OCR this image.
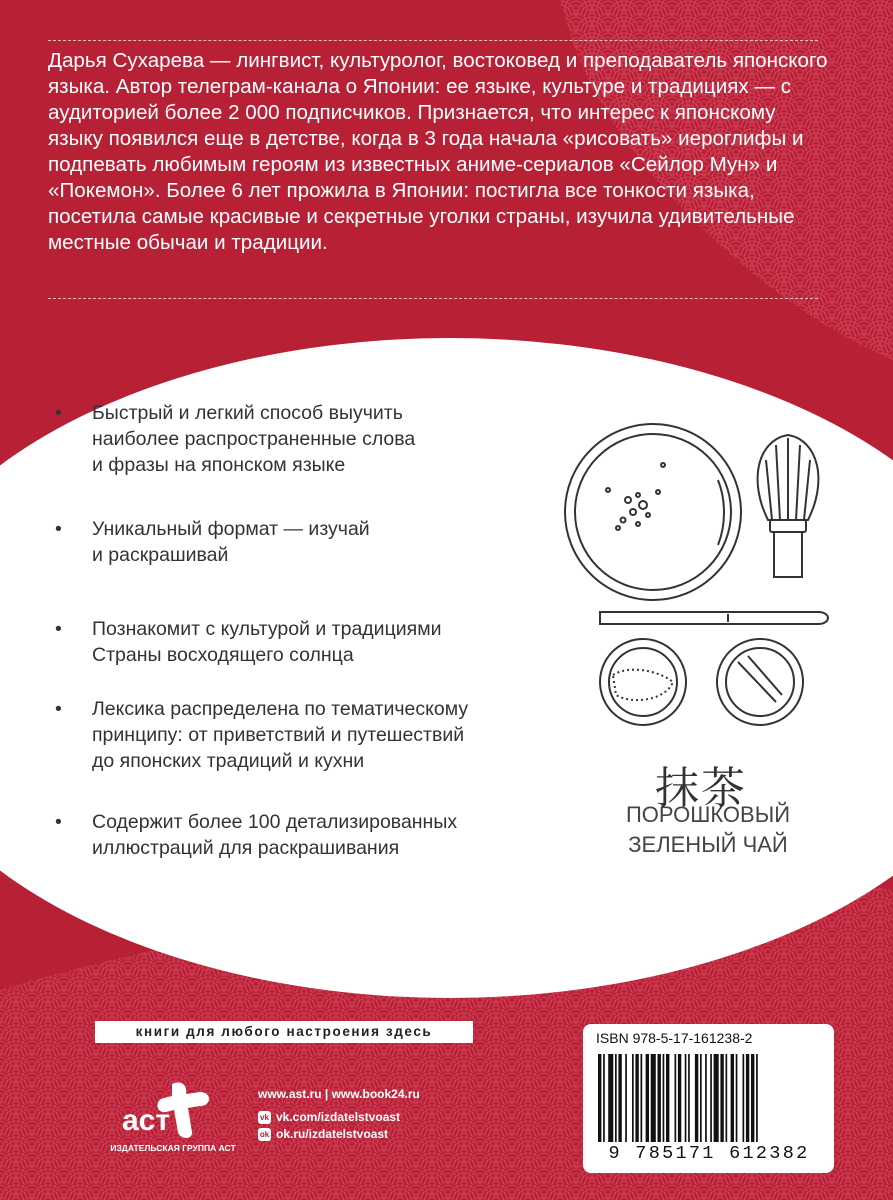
Дарья Сухарева — лингвист, культуролог, востоковед и преподаватель японского языка. Автор телеграм-канала о Японии: ее языке, культуре и традициях — с аудиторией более 2 000 подписчиков. Признается, что интерес к японскому языку появился еще в детстве, когда в 3 года начала «рисовать» иероглифы и подпевать любимым героям из известных аниме-сериалов «Сейлор Мун» и «Покемон». Более 6 лет прожила в Японии: постигла все тонкости языка, посетила самые красивые и секретные уголки страны, изучила удивительные местные обычаи и традиции.

• Быстрый и легкий способ выучить
наиболее распространенные слова
и фразы на японском языке
• Уникальный формат — изучай
и раскрашивай
• Познакомит с культурой и традициями
Страны восходящего солнца
• Лексика распределена по тематическому
принципу: от приветствий и путешествий
до японских традиций и кухни
• Содержит более 100 детализированных
иллюстраций для раскрашивания
抹茶
ПОРОШКОВЫЙ
ЗЕЛЕНЫЙ ЧАЙ
книги для любого настроения здесь
аст
ИЗДАТЕЛЬСКАЯ ГРУППА АСТ
www.ast.ru | www.book24.ru
vk vk.com/izdatelstvoast
ok ok.ru/izdatelstvoast
ISBN 978-5-17-161238-2
9 785171 612382
